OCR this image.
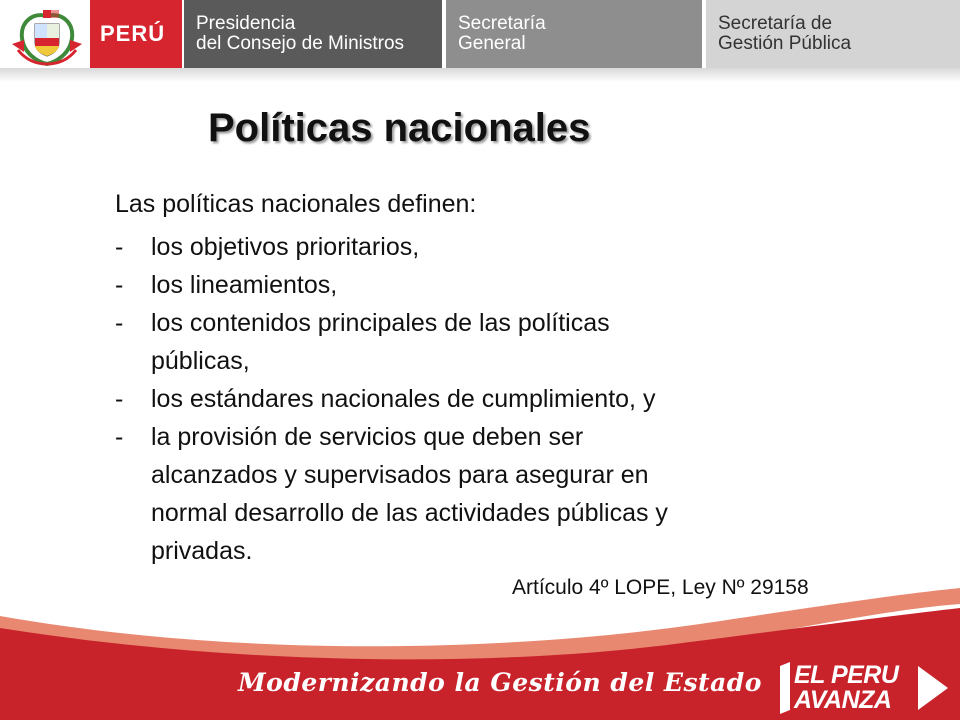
PERÚ Presidencia
del Consejo de Ministros
Secretaría
General
Secretaría de
Gestión Pública
Políticas nacionales
Las políticas nacionales definen:
- los objetivos prioritarios,
- los lineamientos,
- los contenidos principales de las políticas
públicas,
- los estándares nacionales de cumplimiento, y
- la provisión de servicios que deben ser
alcanzados y supervisados para asegurar en
normal desarrollo de las actividades públicas y
privadas.
Artículo 4º LOPE, Ley Nº 29158
Modernizando la Gestión del Estado EL PERU
AVANZA
